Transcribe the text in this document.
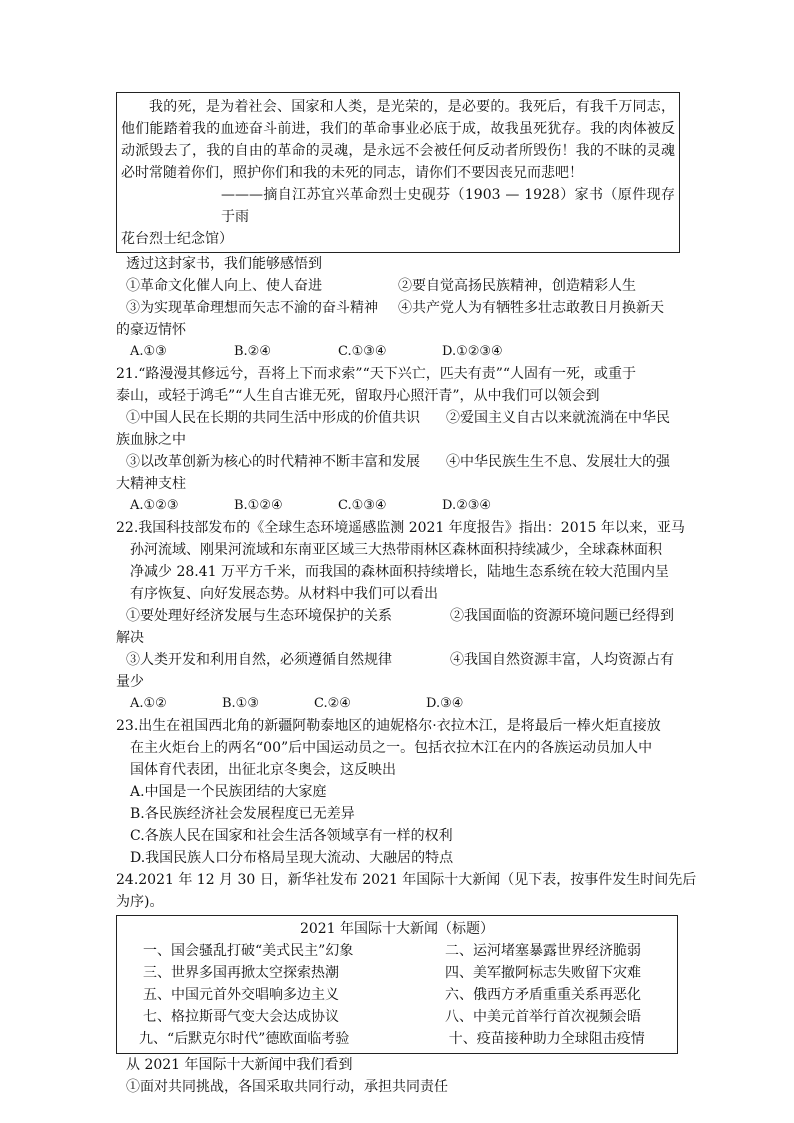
我的死，是为着社会、国家和人类，是光荣的，是必要的。我死后，有我千万同志，他们能踏着我的血迹奋斗前进，我们的革命事业必底于成，故我虽死犹存。我的肉体被反动派毁去了，我的自由的革命的灵魂，是永远不会被任何反动者所毁伤！我的不昧的灵魂必时常随着你们，照护你们和我的未死的同志，请你们不要因丧兄而悲吧！

———摘自江苏宜兴革命烈士史砚芬（1903 — 1928）家书（原件现存于雨

花台烈士纪念馆）

透过这封家书，我们能够感悟到

①革命文化催人向上、使人奋进	②要自觉高扬民族精神，创造精彩人生
③为实现革命理想而矢志不渝的奋斗精神	④共产党人为有牺牲多壮志敢教日月换新天

的豪迈情怀

A.①③	B.②④	C.①③④	D.①②③④

21.“路漫漫其修远兮，吾将上下而求索”“天下兴亡，匹夫有责”“人固有一死，或重于

泰山，或轻于鸿毛”“人生自古谁无死，留取丹心照汗青”，从中我们可以领会到

①中国人民在长期的共同生活中形成的价值共识	②爱国主义自古以来就流淌在中华民

族血脉之中

③以改革创新为核心的时代精神不断丰富和发展	④中华民族生生不息、发展壮大的强

大精神支柱

A.①②③	B.①②④	C.①③④	D.②③④

22.我国科技部发布的《全球生态环境遥感监测 2021 年度报告》指出：2015 年以来，亚马

孙河流域、刚果河流域和东南亚区域三大热带雨林区森林面积持续减少，全球森林面积

净减少 28.41 万平方千米，而我国的森林面积持续增长，陆地生态系统在较大范围内呈

有序恢复、向好发展态势。从材料中我们可以看出

①要处理好经济发展与生态环境保护的关系	②我国面临的资源环境问题已经得到

解决

③人类开发和利用自然，必须遵循自然规律	④我国自然资源丰富，人均资源占有

量少

A.①②	B.①③	C.②④	D.③④

23.出生在祖国西北角的新疆阿勒泰地区的迪妮格尔·衣拉木江，是将最后一棒火炬直接放

在主火炬台上的两名“00”后中国运动员之一。包括衣拉木江在内的各族运动员加人中

国体育代表团，出征北京冬奥会，这反映出

A.中国是一个民族团结的大家庭

B.各民族经济社会发展程度已无差异

C.各族人民在国家和社会生活各领域享有一样的权利

D.我国民族人口分布格局呈现大流动、大融居的特点

24.2021 年 12 月 30 日，新华社发布 2021 年国际十大新闻（见下表，按事件发生时间先后

为序)。

2021 年国际十大新闻（标题）
一、国会骚乱打破“美式民主”幻象	二、运河堵塞暴露世界经济脆弱
三、世界多国再掀太空探索热潮	四、美军撤阿标志失败留下灾难
五、中国元首外交唱响多边主义	六、俄西方矛盾重重关系再恶化
七、格拉斯哥气变大会达成协议	八、中美元首举行首次视频会晤
九、“后默克尔时代”德欧面临考验	十、疫苗接种助力全球阻击疫情

从 2021 年国际十大新闻中我们看到

①面对共同挑战，各国采取共同行动，承担共同责任
